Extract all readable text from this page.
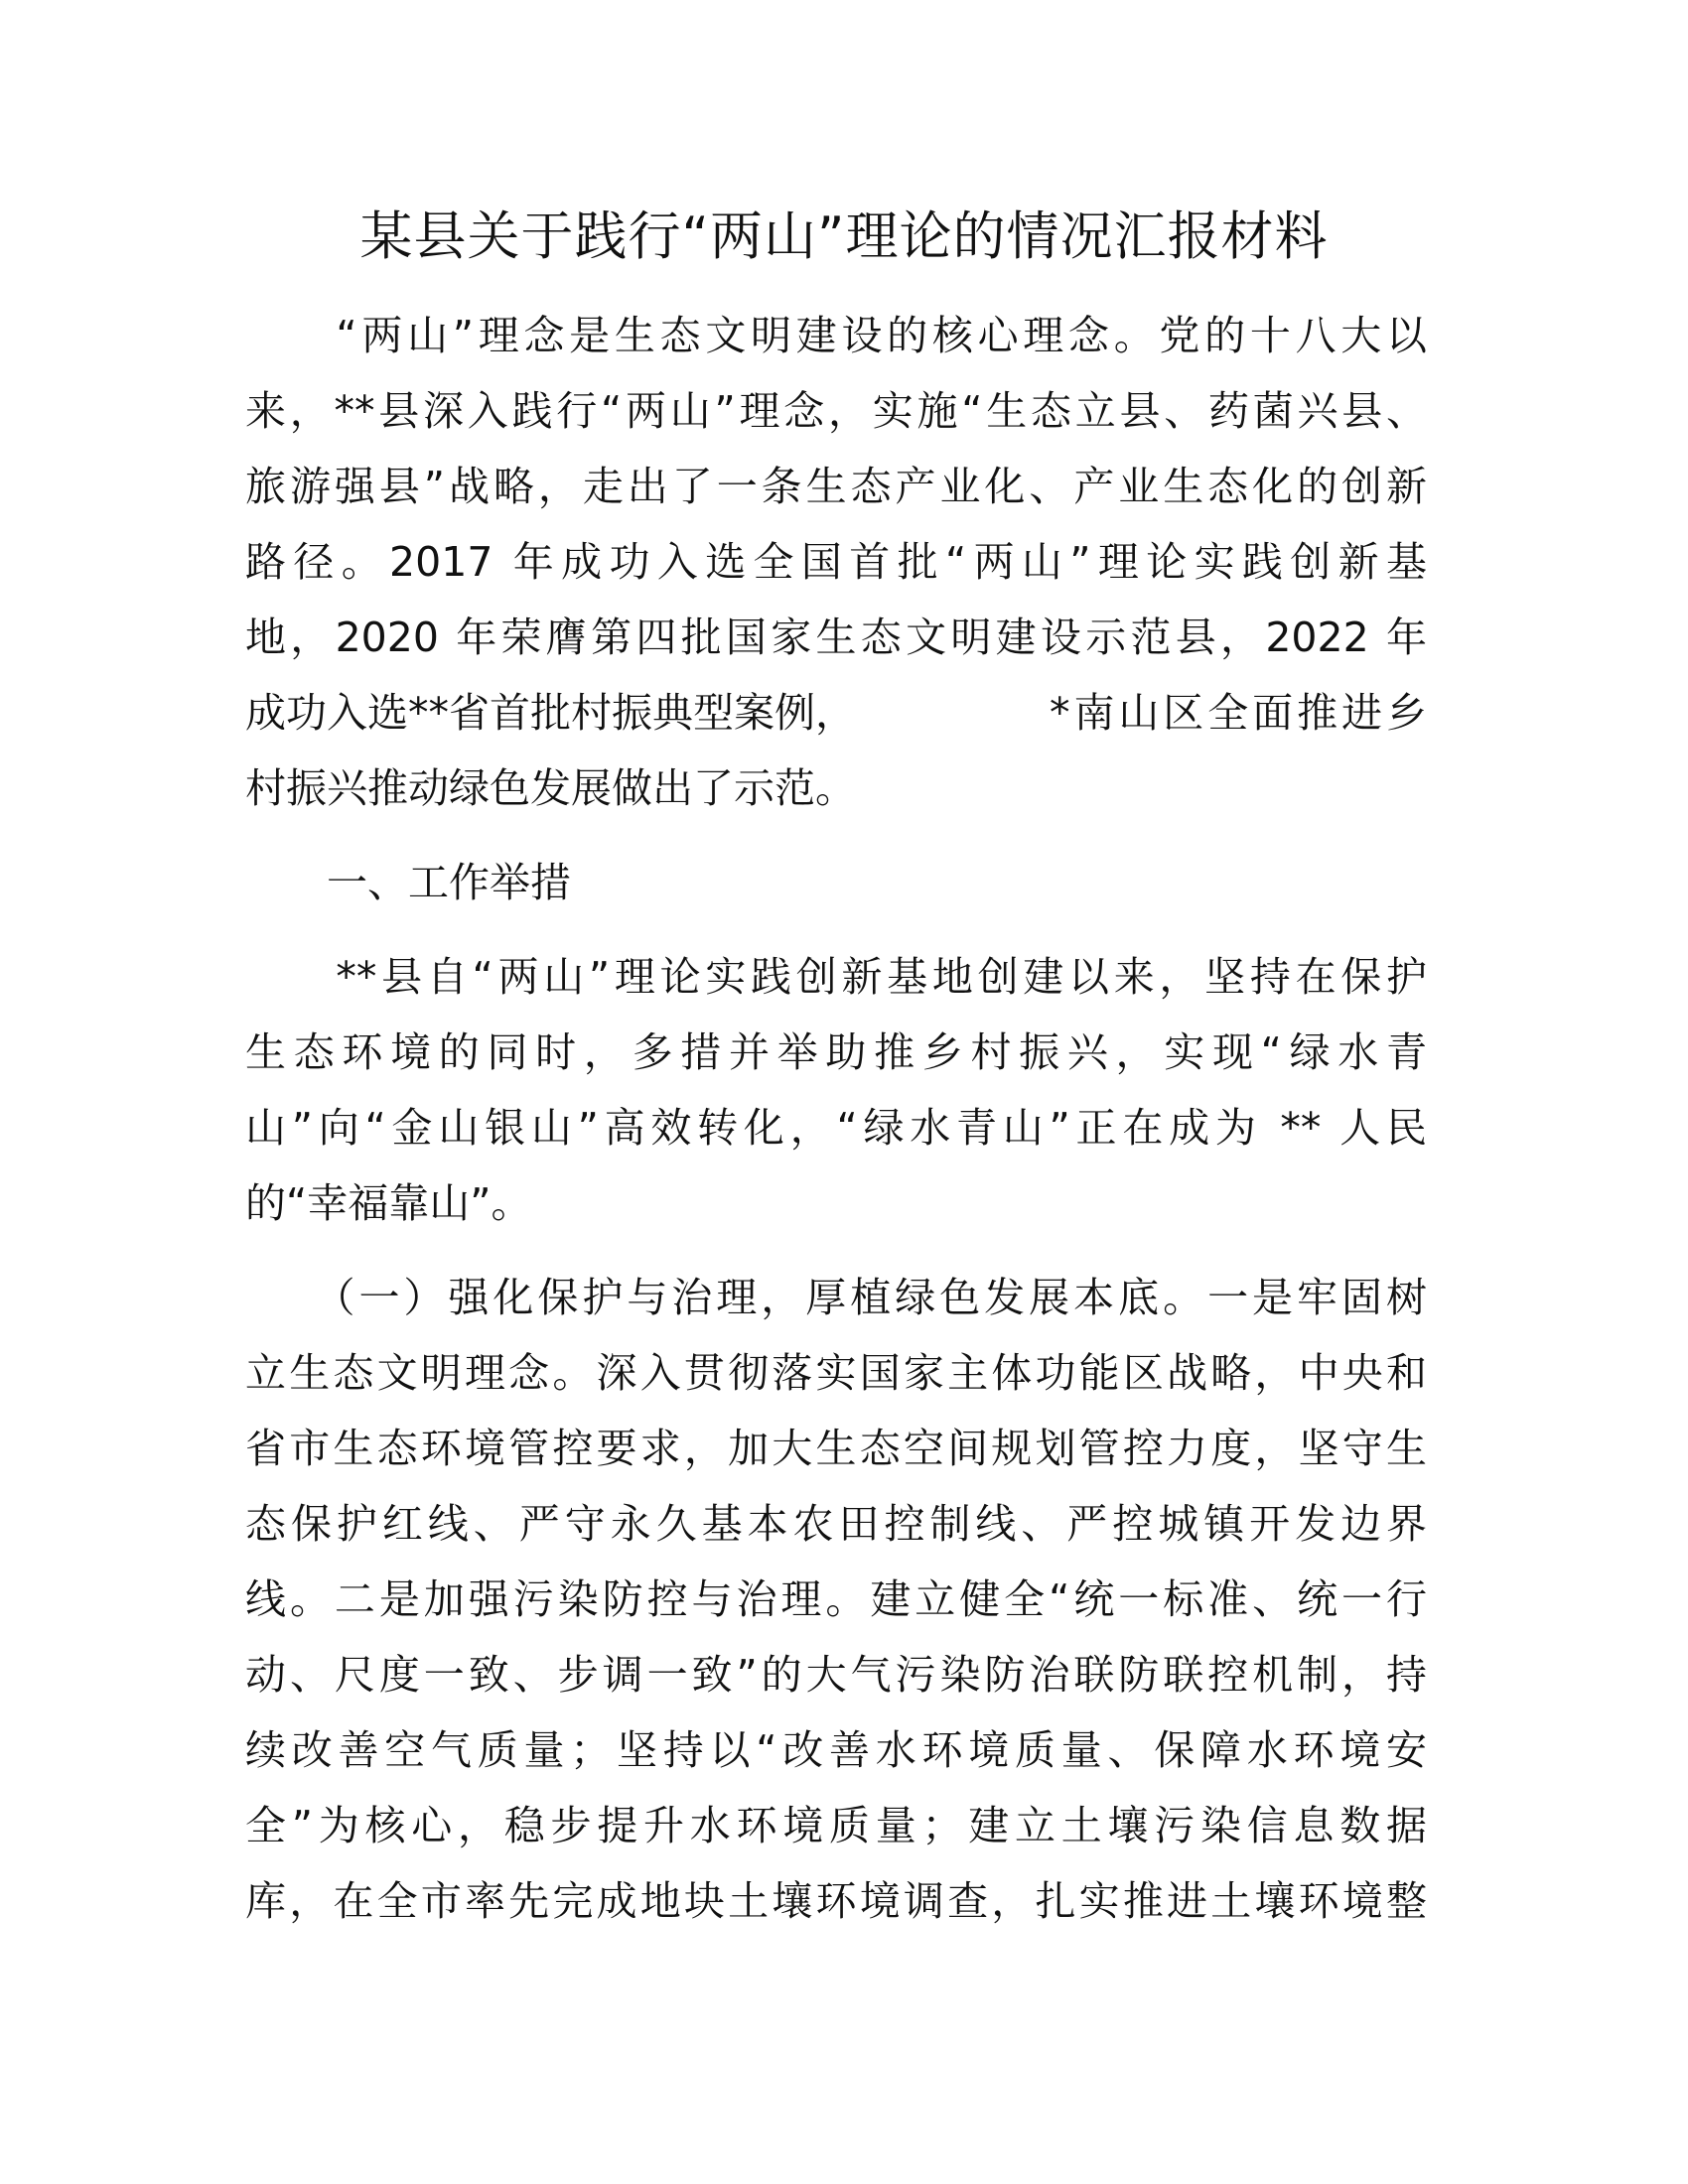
某县关于践行“两山”理论的情况汇报材料
　　“两山”理念是生态文明建设的核心理念。党的十八大以
来，**县深入践行“两山”理念，实施“生态立县、药菌兴县、
旅游强县”战略，走出了一条生态产业化、产业生态化的创新
路径。2017 年成功入选全国首批“两山”理论实践创新基
地，2020 年荣膺第四批国家生态文明建设示范县，2022 年
成功入选**省首批村振典型案例，	*南山区全面推进乡
村振兴推动绿色发展做出了示范。
　　一、工作举措
　　**县自“两山”理论实践创新基地创建以来，坚持在保护
生态环境的同时，多措并举助推乡村振兴，实现“绿水青
山”向“金山银山”高效转化，“绿水青山”正在成为 ** 人民
的“幸福靠山”。
　　（一）强化保护与治理，厚植绿色发展本底。一是牢固树
立生态文明理念。深入贯彻落实国家主体功能区战略，中央和
省市生态环境管控要求，加大生态空间规划管控力度，坚守生
态保护红线、严守永久基本农田控制线、严控城镇开发边界
线。二是加强污染防控与治理。建立健全“统一标准、统一行
动、尺度一致、步调一致”的大气污染防治联防联控机制，持
续改善空气质量；坚持以“改善水环境质量、保障水环境安
全”为核心，稳步提升水环境质量；建立土壤污染信息数据
库，在全市率先完成地块土壤环境调查，扎实推进土壤环境整
